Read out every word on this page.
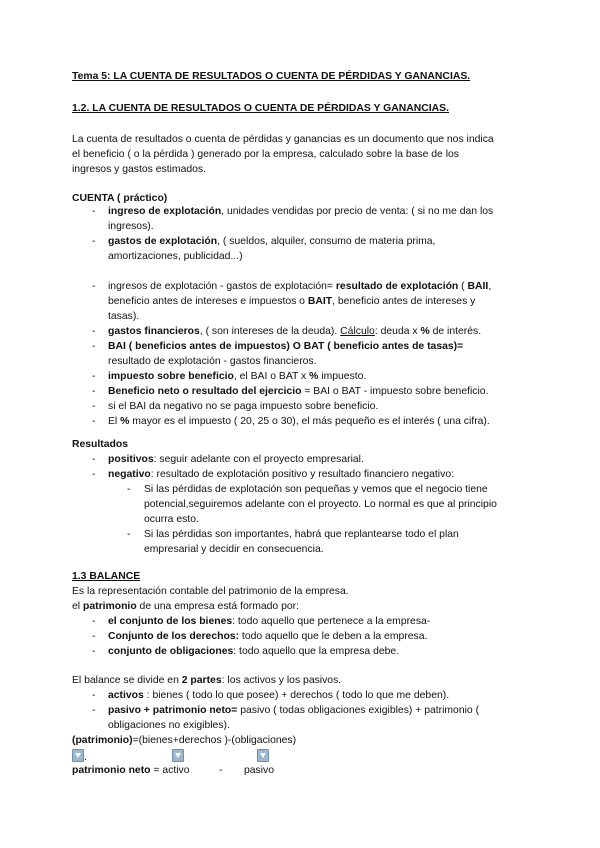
Tema 5: LA CUENTA DE RESULTADOS O CUENTA DE PÉRDIDAS Y GANANCIAS.
1.2. LA CUENTA DE RESULTADOS O CUENTA DE PÉRDIDAS Y GANANCIAS.
La cuenta de resultados o cuenta de pérdidas y ganancias es un documento que nos indica
el beneficio ( o la pérdida ) generado por la empresa, calculado sobre la base de los
ingresos y gastos estimados.
CUENTA ( práctico)
- ingreso de explotación, unidades vendidas por precio de venta: ( si no me dan los
ingresos).
- gastos de explotación, ( sueldos, alquiler, consumo de materia prima,
amortizaciones, publicidad...)
- ingresos de explotación - gastos de explotación= resultado de explotación ( BAII,
beneficio antes de intereses e impuestos o BAIT, beneficio antes de intereses y
tasas).
- gastos financieros, ( son intereses de la deuda). Cálculo: deuda x % de interés.
- BAI ( beneficios antes de impuestos) O BAT ( beneficio antes de tasas)=
resultado de explotación - gastos financieros.
- impuesto sobre beneficio, el BAI o BAT x % impuesto.
- Beneficio neto o resultado del ejercicio = BAI o BAT - impuesto sobre beneficio.
- si el BAI da negativo no se paga impuesto sobre beneficio.
- El % mayor es el impuesto ( 20, 25 o 30), el más pequeño es el interés ( una cifra).
Resultados
- positivos: seguir adelante con el proyecto empresarial.
- negativo: resultado de explotación positivo y resultado financiero negativo:
- Si las pérdidas de explotación son pequeñas y vemos que el negocio tiene
potencial,seguiremos adelante con el proyecto. Lo normal es que al principio
ocurra esto.
- Si las pérdidas son importantes, habrá que replantearse todo el plan
empresarial y decidir en consecuencia.
1.3 BALANCE
Es la representación contable del patrimonio de la empresa.
el patrimonio de una empresa está formado por:
- el conjunto de los bienes: todo aquello que pertenece a la empresa-
- Conjunto de los derechos: todo aquello que le deben a la empresa.
- conjunto de obligaciones: todo aquello que la empresa debe.
El balance se divide en 2 partes: los activos y los pasivos.
- activos : bienes ( todo lo que posee) + derechos ( todo lo que me deben).
- pasivo + patrimonio neto= pasivo ( todas obligaciones exigibles) + patrimonio (
obligaciones no exigibles).
(patrimonio)=(bienes+derechos )-(obligaciones)
.
patrimonio neto = activo	- pasivo
